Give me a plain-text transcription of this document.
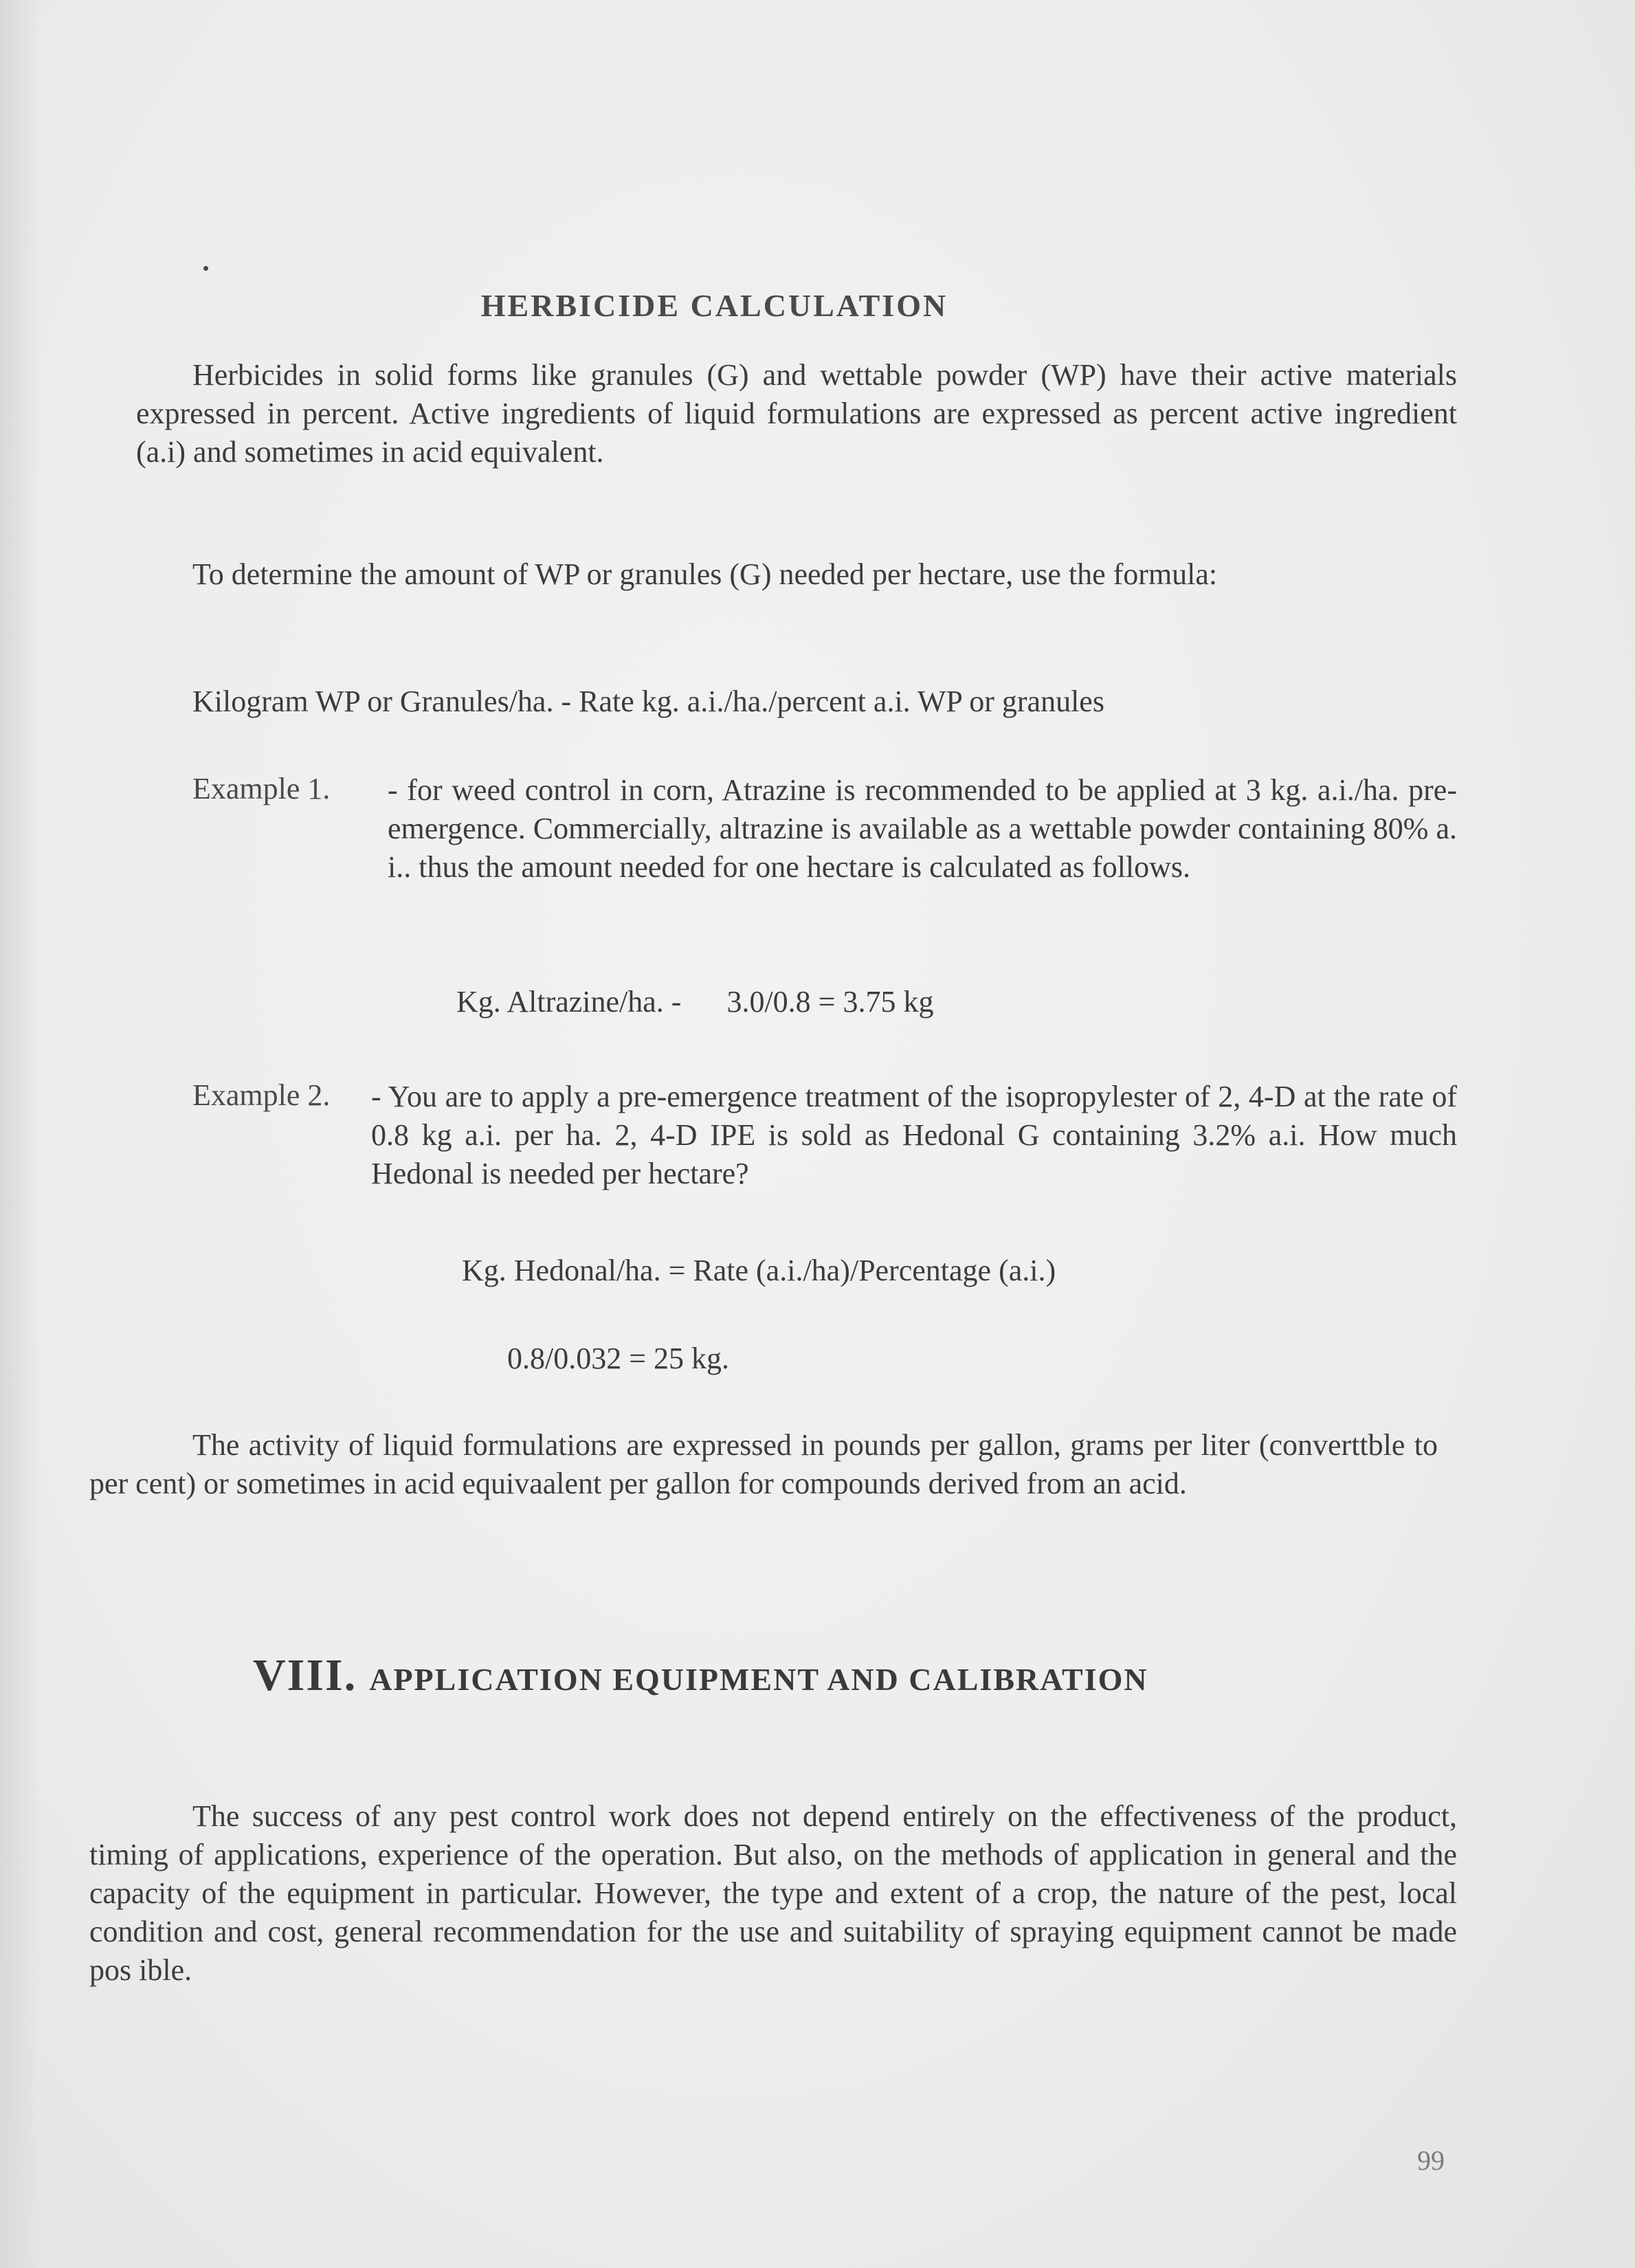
HERBICIDE CALCULATION
Herbicides in solid forms like granules (G) and wettable powder (WP) have their active materials expressed in percent. Active ingredients of liquid formulations are expressed as percent active ingredient (a.i) and sometimes in acid equivalent.
To determine the amount of WP or granules (G) needed per hectare, use the formula:
Kilogram WP or Granules/ha. - Rate kg. a.i./ha./percent a.i. WP or granules
Example 1. - for weed control in corn, Atrazine is recommended to be applied at 3 kg. a.i./ha. pre-emergence. Commercially, altrazine is available as a wettable powder containing 80% a. i.. thus the amount needed for one hectare is calculated as follows.
Kg. Altrazine/ha. -      3.0/0.8 = 3.75 kg
Example 2. - You are to apply a pre-emergence treatment of the isopropylester of 2, 4-D at the rate of 0.8 kg a.i. per ha. 2, 4-D IPE is sold as Hedonal G containing 3.2% a.i. How much Hedonal is needed per hectare?
Kg. Hedonal/ha. = Rate (a.i./ha)/Percentage (a.i.)
0.8/0.032 = 25 kg.
The activity of liquid formulations are expressed in pounds per gallon, grams per liter (converttble to per cent) or sometimes in acid equivaalent per gallon for compounds derived from an acid.
VIII. APPLICATION EQUIPMENT AND CALIBRATION
The success of any pest control work does not depend entirely on the effectiveness of the product, timing of applications, experience of the operation. But also, on the methods of application in general and the capacity of the equipment in particular. However, the type and extent of a crop, the nature of the pest, local condition and cost, general recommendation for the use and suitability of spraying equipment cannot be made pos ible.
99
